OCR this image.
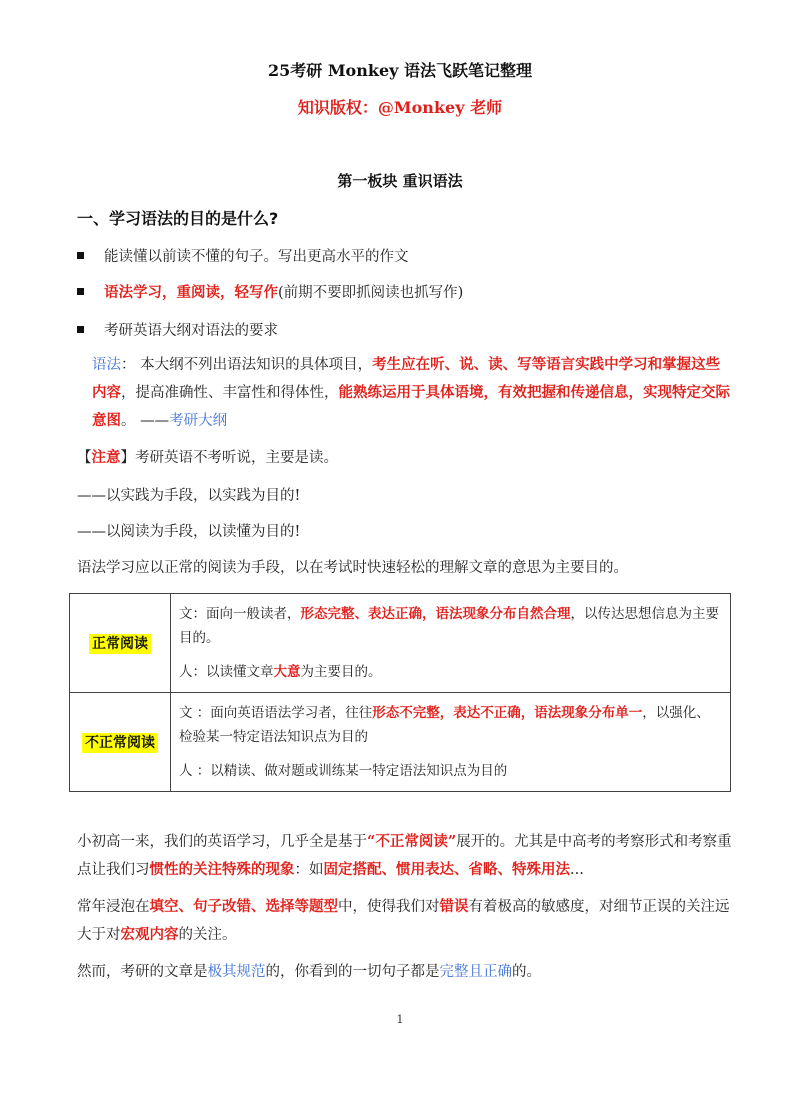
25考研 Monkey 语法飞跃笔记整理
知识版权：@Monkey 老师
第一板块 重识语法
一、学习语法的目的是什么?
能读懂以前读不懂的句子。写出更高水平的作文
语法学习，重阅读，轻写作(前期不要即抓阅读也抓写作)
考研英语大纲对语法的要求
语法： 本大纲不列出语法知识的具体项目，考生应在听、说、读、写等语言实践中学习和掌握这些内容，提高准确性、丰富性和得体性，能熟练运用于具体语境，有效把握和传递信息，实现特定交际意图。 ——考研大纲
【注意】考研英语不考听说，主要是读。
——以实践为手段，以实践为目的!
——以阅读为手段，以读懂为目的!
语法学习应以正常的阅读为手段，以在考试时快速轻松的理解文章的意思为主要目的。
正常阅读	文：面向一般读者，形态完整、表达正确，语法现象分布自然合理，以传达思想信息为主要目的。

人：以读懂文章大意为主要目的。

不正常阅读	文 ：面向英语语法学习者，往往形态不完整，表达不正确，语法现象分布单一，以强化、检验某一特定语法知识点为目的

人 ：以精读、做对题或训练某一特定语法知识点为目的

小初高一来，我们的英语学习，几乎全是基于“不正常阅读”展开的。尤其是中高考的考察形式和考察重点让我们习惯性的关注特殊的现象：如固定搭配、惯用表达、省略、特殊用法...
常年浸泡在填空、句子改错、选择等题型中，使得我们对错误有着极高的敏感度，对细节正误的关注远大于对宏观内容的关注。
然而，考研的文章是极其规范的，你看到的一切句子都是完整且正确的。
1
